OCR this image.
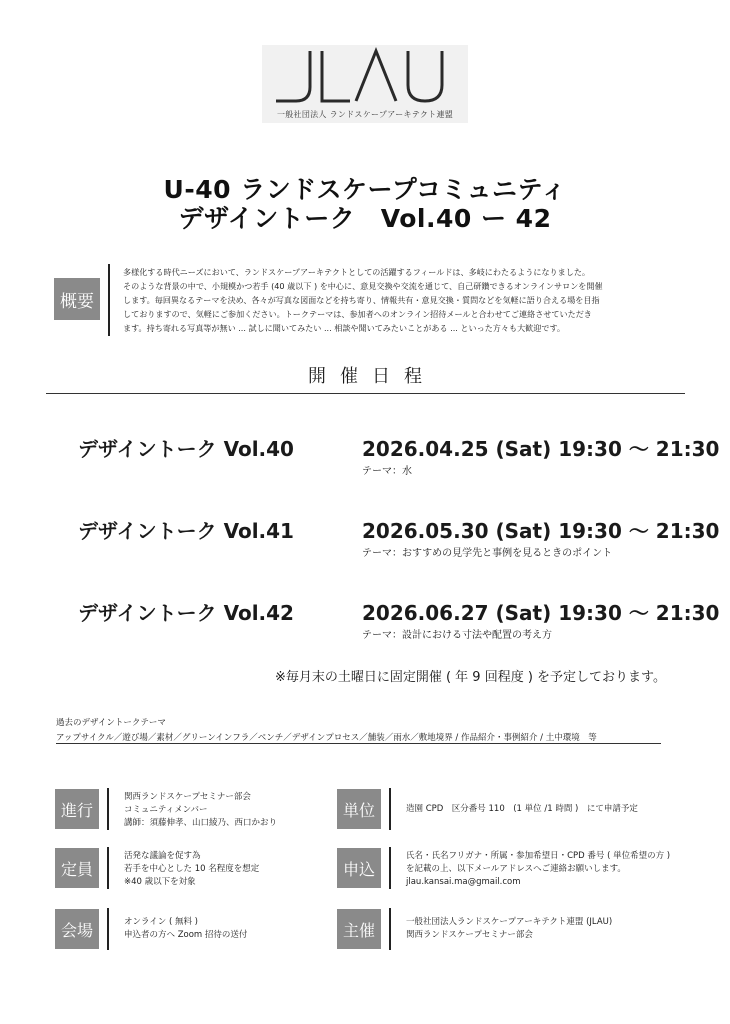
一般社団法人 ランドスケープアーキテクト連盟
U-40 ランドスケープコミュニティ
デザイントーク　Vol.40 ー 42
概要
多様化する時代ニーズにおいて、ランドスケープアーキテクトとしての活躍するフィールドは、多岐にわたるようになりました。
そのような背景の中で、小規模かつ若手 (40 歳以下 ) を中心に、意見交換や交流を通じて、自己研鑽できるオンラインサロンを開催
します。毎回異なるテーマを決め、各々が写真な図面などを持ち寄り、情報共有・意見交換・質問などを気軽に語り合える場を目指
しておりますので、気軽にご参加ください。トークテーマは、参加者へのオンライン招待メールと合わせてご連絡させていただき
ます。持ち寄れる写真等が無い ... 試しに聞いてみたい ... 相談や聞いてみたいことがある ... といった方々も大歓迎です。
開催日程
デザイントーク Vol.40	2026.04.25 (Sat) 19:30 ～ 21:30
テーマ：水
デザイントーク Vol.41	2026.05.30 (Sat) 19:30 ～ 21:30
テーマ：おすすめの見学先と事例を見るときのポイント
デザイントーク Vol.42	2026.06.27 (Sat) 19:30 ～ 21:30
テーマ：設計における寸法や配置の考え方
※毎月末の土曜日に固定開催 ( 年 9 回程度 ) を予定しております。
過去のデザイントークテーマ
アップサイクル／遊び場／素材／グリーンインフラ／ベンチ／デザインプロセス／舗装／雨水／敷地境界 / 作品紹介・事例紹介 / 土中環境　等
進行
関西ランドスケープセミナー部会
コミュニティメンバー
講師：須藤伸孝、山口綾乃、西口かおり
定員
活発な議論を促す為
若手を中心とした 10 名程度を想定
※40 歳以下を対象
会場	オンライン ( 無料 )
申込者の方へ Zoom 招待の送付
単位	造園 CPD　区分番号 110　(1 単位 /1 時間 )　にて申請予定
申込
氏名・氏名フリガナ・所属・参加希望日・CPD 番号 ( 単位希望の方 )
を記載の上、以下メールアドレスへご連絡お願いします。
jlau.kansai.ma@gmail.com
主催	一般社団法人ランドスケープアーキテクト連盟 (JLAU)
関西ランドスケープセミナー部会
